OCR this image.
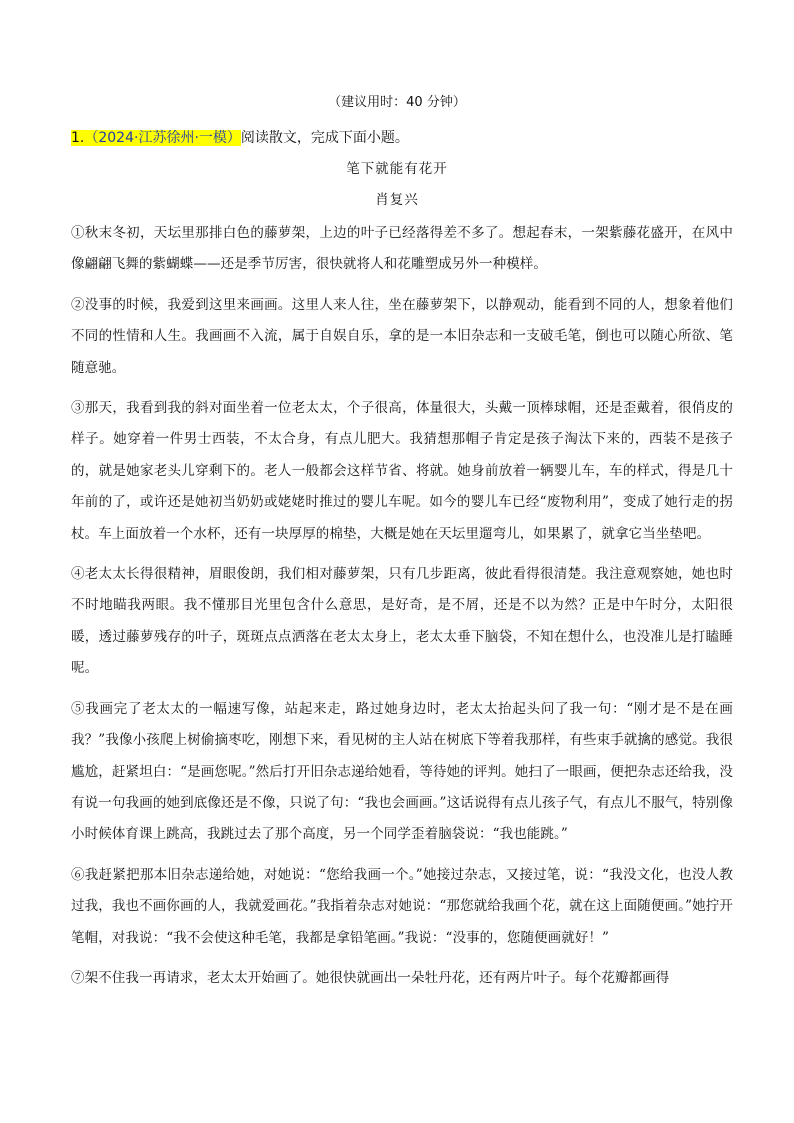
（建议用时：40 分钟）
1.（2024·江苏徐州·一模）阅读散文，完成下面小题。
笔下就能有花开
肖复兴

①秋末冬初，天坛里那排白色的藤萝架，上边的叶子已经落得差不多了。想起春末，一架紫藤花盛开，在风中像翩翩飞舞的紫蝴蝶——还是季节厉害，很快就将人和花雕塑成另外一种模样。

②没事的时候，我爱到这里来画画。这里人来人往，坐在藤萝架下，以静观动，能看到不同的人，想象着他们不同的性情和人生。我画画不入流，属于自娱自乐，拿的是一本旧杂志和一支破毛笔，倒也可以随心所欲、笔随意驰。

③那天，我看到我的斜对面坐着一位老太太，个子很高，体量很大，头戴一顶棒球帽，还是歪戴着，很俏皮的样子。她穿着一件男士西装，不太合身，有点儿肥大。我猜想那帽子肯定是孩子淘汰下来的，西装不是孩子的，就是她家老头儿穿剩下的。老人一般都会这样节省、将就。她身前放着一辆婴儿车，车的样式，得是几十年前的了，或许还是她初当奶奶或姥姥时推过的婴儿车呢。如今的婴儿车已经“废物利用”，变成了她行走的拐杖。车上面放着一个水杯，还有一块厚厚的棉垫，大概是她在天坛里遛弯儿，如果累了，就拿它当坐垫吧。

④老太太长得很精神，眉眼俊朗，我们相对藤萝架，只有几步距离，彼此看得很清楚。我注意观察她，她也时不时地瞄我两眼。我不懂那目光里包含什么意思，是好奇，是不屑，还是不以为然？正是中午时分，太阳很暖，透过藤萝残存的叶子，斑斑点点洒落在老太太身上，老太太垂下脑袋，不知在想什么，也没准儿是打瞌睡呢。

⑤我画完了老太太的一幅速写像，站起来走，路过她身边时，老太太抬起头问了我一句：“刚才是不是在画我？”我像小孩爬上树偷摘枣吃，刚想下来，看见树的主人站在树底下等着我那样，有些束手就擒的感觉。我很尴尬，赶紧坦白：“是画您呢。”然后打开旧杂志递给她看，等待她的评判。她扫了一眼画，便把杂志还给我，没有说一句我画的她到底像还是不像，只说了句：“我也会画画。”这话说得有点儿孩子气，有点儿不服气，特别像小时候体育课上跳高，我跳过去了那个高度，另一个同学歪着脑袋说：“我也能跳。”

⑥我赶紧把那本旧杂志递给她，对她说：“您给我画一个。”她接过杂志，又接过笔，说：“我没文化，也没人教过我，我也不画你画的人，我就爱画花。”我指着杂志对她说：“那您就给我画个花，就在这上面随便画。”她拧开笔帽，对我说：“我不会使这种毛笔，我都是拿铅笔画。”我说：“没事的，您随便画就好！”

⑦架不住我一再请求，老太太开始画了。她很快就画出一朵牡丹花，还有两片叶子。每个花瓣都画得
